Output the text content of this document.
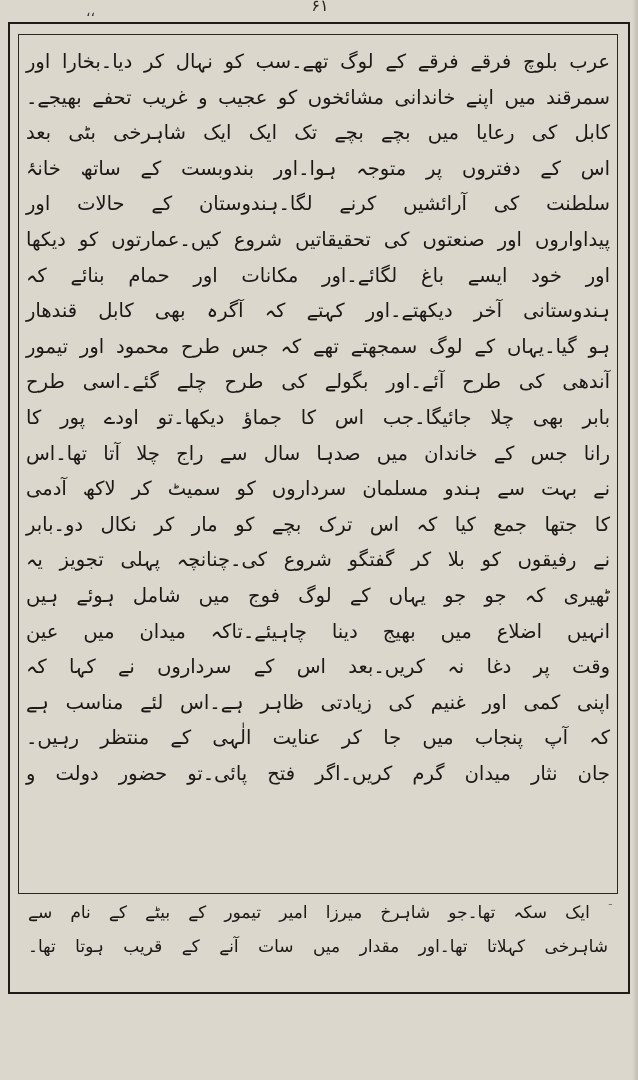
۶۱
،،
عرب بلوچ فرقے فرقے کے لوگ تھے۔سب کو نہال کر دیا۔بخارا اور
سمرقند میں اپنے خاندانی مشائخوں کو عجیب و غریب تحفے بھیجے۔
کابل کی رعایا میں بچے بچے تک ایک ایک شاہرخی بٹی بعد
اس کے دفتروں پر متوجہ ہوا۔اور بندوبست کے ساتھ خانۂ
سلطنت کی آرائشیں کرنے لگا۔ہندوستان کے حالات اور
پیداواروں اور صنعتوں کی تحقیقاتیں شروع کیں۔عمارتوں کو دیکھا
اور خود ایسے باغ لگائے۔اور مکانات اور حمام بنائے کہ
ہندوستانی آخر دیکھتے۔اور کہتے کہ آگرہ بھی کابل قندھار
ہو گیا۔یہاں کے لوگ سمجھتے تھے کہ جس طرح محمود اور تیمور
آندھی کی طرح آئے۔اور بگولے کی طرح چلے گئے۔اسی طرح
بابر بھی چلا جائیگا۔جب اس کا جماؤ دیکھا۔تو اودے پور کا
رانا جس کے خاندان میں صدہا سال سے راج چلا آتا تھا۔اس
نے بہت سے ہندو مسلمان سرداروں کو سمیٹ کر لاکھ آدمی
کا جتھا جمع کیا کہ اس ترک بچے کو مار کر نکال دو۔بابر
نے رفیقوں کو بلا کر گفتگو شروع کی۔چنانچہ پہلی تجویز یہ
ٹھیری کہ جو جو یہاں کے لوگ فوج میں شامل ہوئے ہیں
انہیں اضلاع میں بھیج دینا چاہیئے۔تاکہ میدان میں عین
وقت پر دغا نہ کریں۔بعد اس کے سرداروں نے کہا کہ
اپنی کمی اور غنیم کی زیادتی ظاہر ہے۔اس لئے مناسب ہے
کہ آپ پنجاب میں جا کر عنایت الٰہی کے منتظر رہیں۔
جان نثار میدان گرم کریں۔اگر فتح پائی۔تو حضور دولت و
ؔ ایک سکہ تھا۔جو شاہرخ میرزا امیر تیمور کے بیٹے کے نام سے
شاہرخی کہلاتا تھا۔اور مقدار میں سات آنے کے قریب ہوتا تھا۔
